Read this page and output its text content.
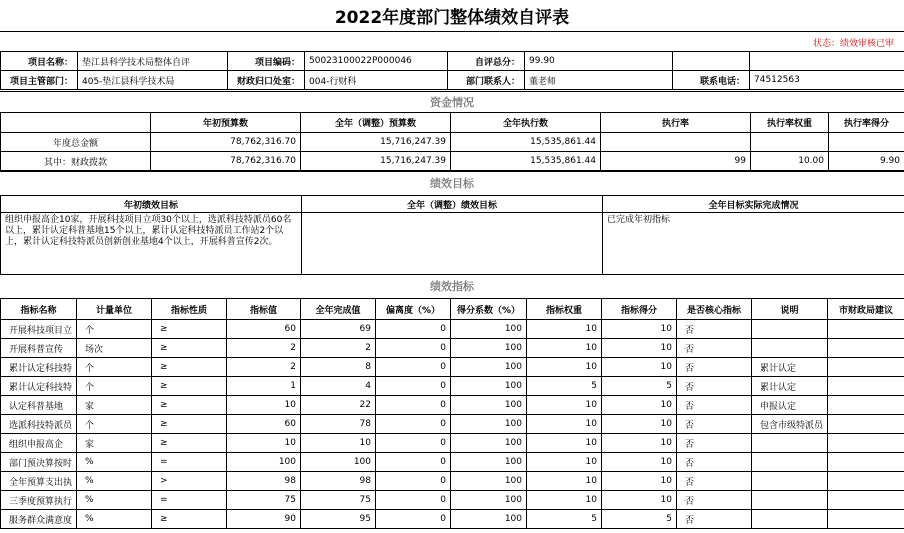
2022年度部门整体绩效自评表
状态：绩效审核已审
项目名称：	垫江县科学技术局整体自评	项目编码：	50023100022P000046	自评总分：	99.90		
项目主管部门：	405-垫江县科学技术局	财政归口处室：	004-行财科	部门联系人：	董老师	联系电话：	74512563
资金情况
	年初预算数	全年（调整）预算数	全年执行数	执行率	执行率权重	执行率得分
年度总金额	78,762,316.70	15,716,247.39	15,535,861.44			
其中：财政拨款	78,762,316.70	15,716,247.39	15,535,861.44	99	10.00	9.90
绩效目标
年初绩效目标	全年（调整）绩效目标	全年目标实际完成情况
组织申报高企10家，开展科技项目立项30个以上，选派科技特派员60名以上，累计认定科普基地15个以上，累计认定科技特派员工作站2个以上，累计认定科技特派员创新创业基地4个以上，开展科普宣传2次。		已完成年初指标
绩效指标
指标名称	计量单位	指标性质	指标值	全年完成值	偏离度（%）	得分系数（%）	指标权重	指标得分	是否核心指标	说明	市财政局建议
开展科技项目立	个	≥	60	69	0	100	10	10	否		
开展科普宣传	场次	≥	2	2	0	100	10	10	否		
累计认定科技特	个	≥	2	8	0	100	10	10	否	累计认定	
累计认定科技特	个	≥	1	4	0	100	5	5	否	累计认定	
认定科普基地	家	≥	10	22	0	100	10	10	否	申报认定	
选派科技特派员	个	≥	60	78	0	100	10	10	否	包含市级特派员	
组织申报高企	家	≥	10	10	0	100	10	10	否		
部门预决算按时	%	=	100	100	0	100	10	10	否		
全年预算支出执	%	>	98	98	0	100	10	10	否		
三季度预算执行	%	=	75	75	0	100	10	10	否		
服务群众满意度	%	≥	90	95	0	100	5	5	否		
